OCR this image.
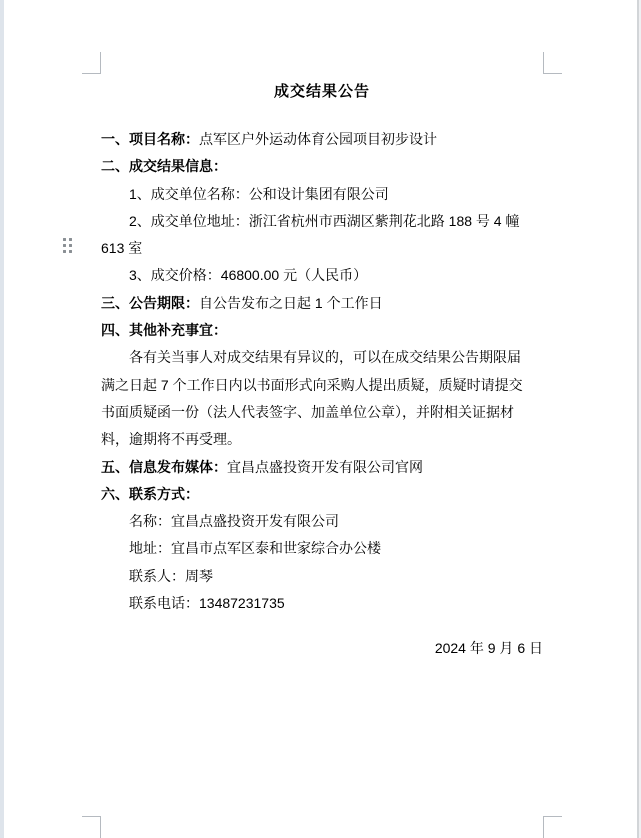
成交结果公告
一、项目名称：点军区户外运动体育公园项目初步设计
二、成交结果信息：
1、成交单位名称：公和设计集团有限公司
2、成交单位地址：浙江省杭州市西湖区紫荆花北路 188 号 4 幢
613 室
3、成交价格：46800.00 元（人民币）
三、公告期限：自公告发布之日起 1 个工作日
四、其他补充事宜：
各有关当事人对成交结果有异议的，可以在成交结果公告期限届
满之日起 7 个工作日内以书面形式向采购人提出质疑，质疑时请提交
书面质疑函一份（法人代表签字、加盖单位公章），并附相关证据材
料，逾期将不再受理。
五、信息发布媒体：宜昌点盛投资开发有限公司官网
六、联系方式：
名称：宜昌点盛投资开发有限公司
地址：宜昌市点军区泰和世家综合办公楼
联系人：周琴
联系电话：13487231735
2024 年 9 月 6 日
